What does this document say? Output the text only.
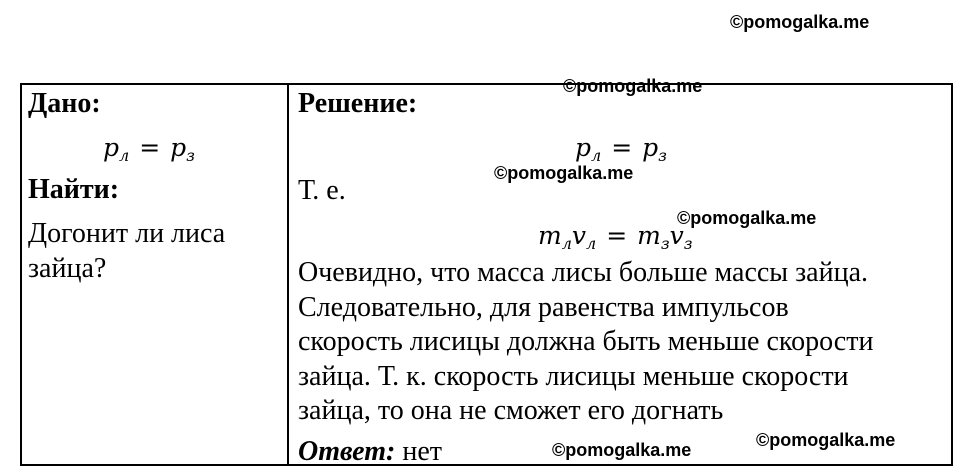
©pomogalka.me
Дано:
$p_л = p_з$
Найти:
Догонит ли лиса
зайца?
Решение:
$p_л = p_з$
Т. е.
$m_лv_л = m_зv_з$
Очевидно, что масса лисы больше массы зайца.
Следовательно, для равенства импульсов
скорость лисицы должна быть меньше скорости
зайца. Т. к. скорость лисицы меньше скорости
зайца, то она не сможет его догнать
Ответ: нет
©pomogalka.me
©pomogalka.me
©pomogalka.me
©pomogalka.me	©pomogalka.me
